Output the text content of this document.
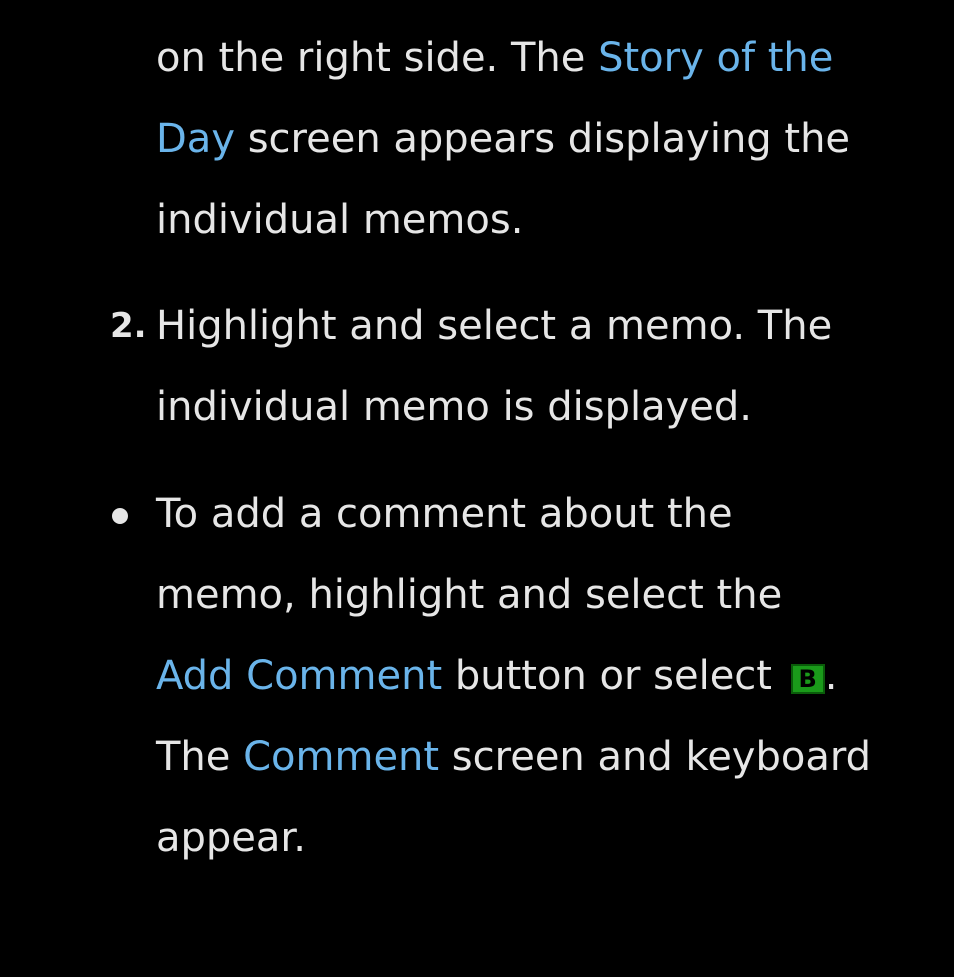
on the right side. The Story of the
Day screen appears displaying the
individual memos.
2. Highlight and select a memo. The
individual memo is displayed.
To add a comment about the
memo, highlight and select the
Add Comment button or select B .
The Comment screen and keyboard
appear.
